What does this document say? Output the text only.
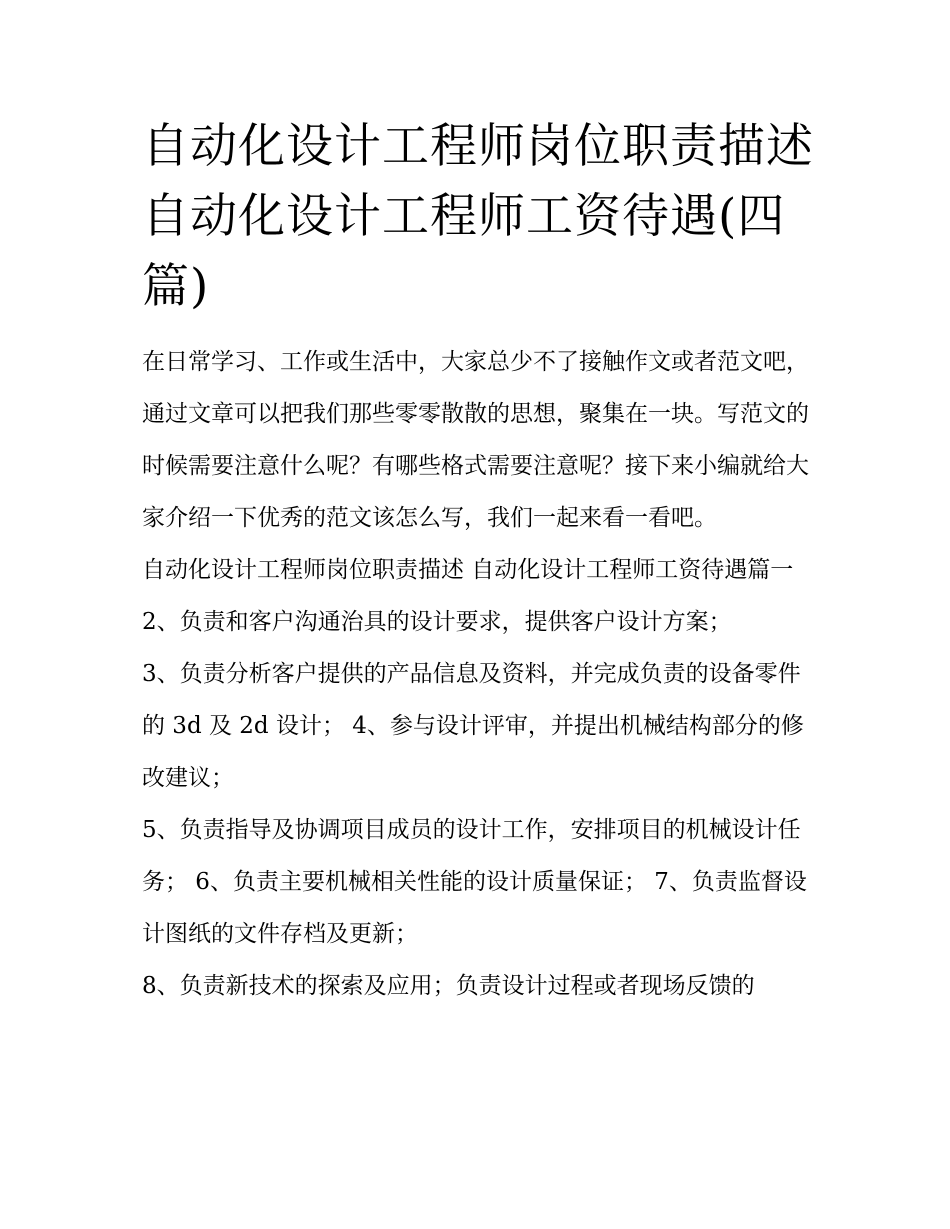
自动化设计工程师岗位职责描述 自动化设计工程师工资待遇(四篇)

在日常学习、工作或生活中，大家总少不了接触作文或者范文吧，通过文章可以把我们那些零零散散的思想，聚集在一块。写范文的时候需要注意什么呢？有哪些格式需要注意呢？接下来小编就给大家介绍一下优秀的范文该怎么写，我们一起来看一看吧。

自动化设计工程师岗位职责描述 自动化设计工程师工资待遇篇一 2、负责和客户沟通治具的设计要求，提供客户设计方案；

3、负责分析客户提供的产品信息及资料，并完成负责的设备零件的 3d 及 2d 设计； 4、参与设计评审，并提出机械结构部分的修改建议；

5、负责指导及协调项目成员的设计工作，安排项目的机械设计任务； 6、负责主要机械相关性能的设计质量保证； 7、负责监督设计图纸的文件存档及更新；

8、负责新技术的探索及应用；负责设计过程或者现场反馈的
